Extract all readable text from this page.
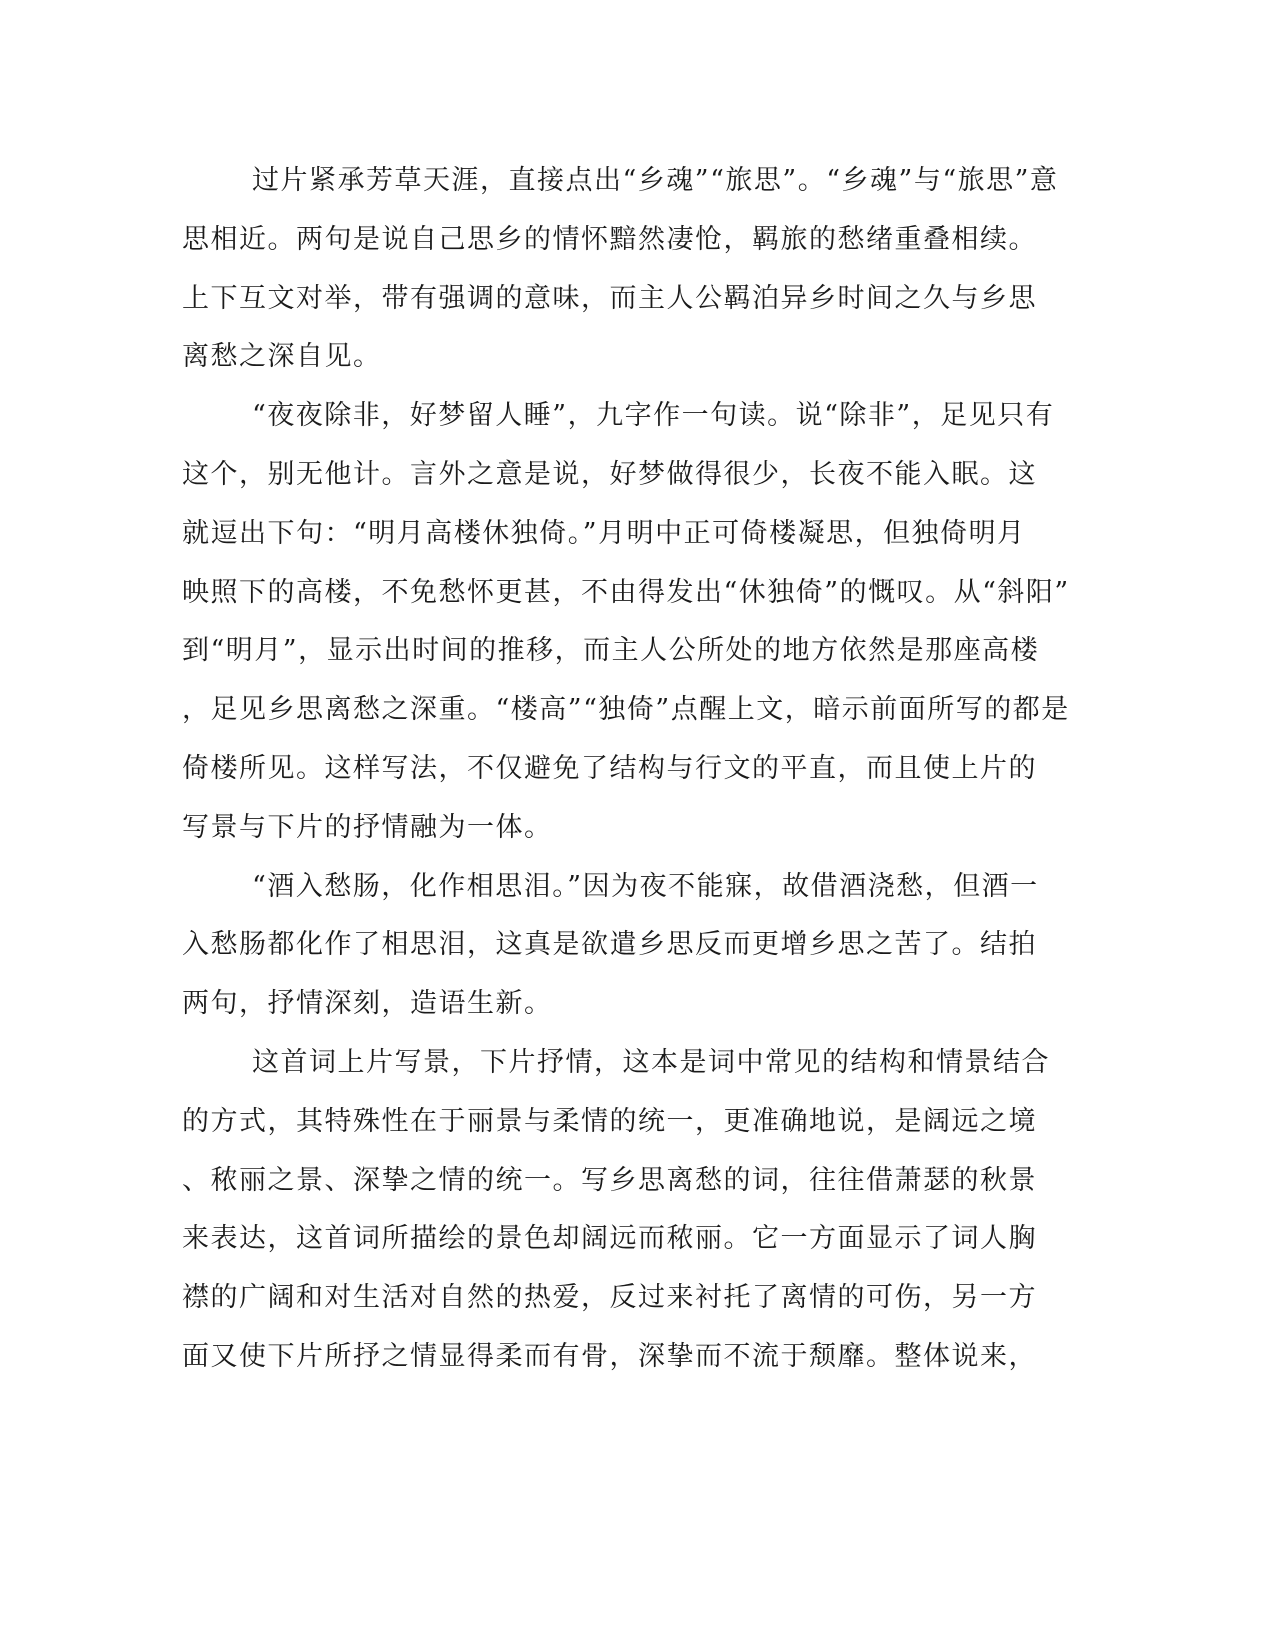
过片紧承芳草天涯，直接点出“乡魂”“旅思”。“乡魂”与“旅思”意
思相近。两句是说自己思乡的情怀黯然凄怆，羁旅的愁绪重叠相续。
上下互文对举，带有强调的意味，而主人公羁泊异乡时间之久与乡思
离愁之深自见。

“夜夜除非，好梦留人睡”，九字作一句读。说“除非”，足见只有
这个，别无他计。言外之意是说，好梦做得很少，长夜不能入眠。这
就逗出下句：“明月高楼休独倚。”月明中正可倚楼凝思，但独倚明月
映照下的高楼，不免愁怀更甚，不由得发出“休独倚”的慨叹。从“斜阳”
到“明月”，显示出时间的推移，而主人公所处的地方依然是那座高楼
，足见乡思离愁之深重。“楼高”“独倚”点醒上文，暗示前面所写的都是
倚楼所见。这样写法，不仅避免了结构与行文的平直，而且使上片的
写景与下片的抒情融为一体。

“酒入愁肠，化作相思泪。”因为夜不能寐，故借酒浇愁，但酒一
入愁肠都化作了相思泪，这真是欲遣乡思反而更增乡思之苦了。结拍
两句，抒情深刻，造语生新。

这首词上片写景，下片抒情，这本是词中常见的结构和情景结合
的方式，其特殊性在于丽景与柔情的统一，更准确地说，是阔远之境
、秾丽之景、深挚之情的统一。写乡思离愁的词，往往借萧瑟的秋景
来表达，这首词所描绘的景色却阔远而秾丽。它一方面显示了词人胸
襟的广阔和对生活对自然的热爱，反过来衬托了离情的可伤，另一方
面又使下片所抒之情显得柔而有骨，深挚而不流于颓靡。整体说来，
